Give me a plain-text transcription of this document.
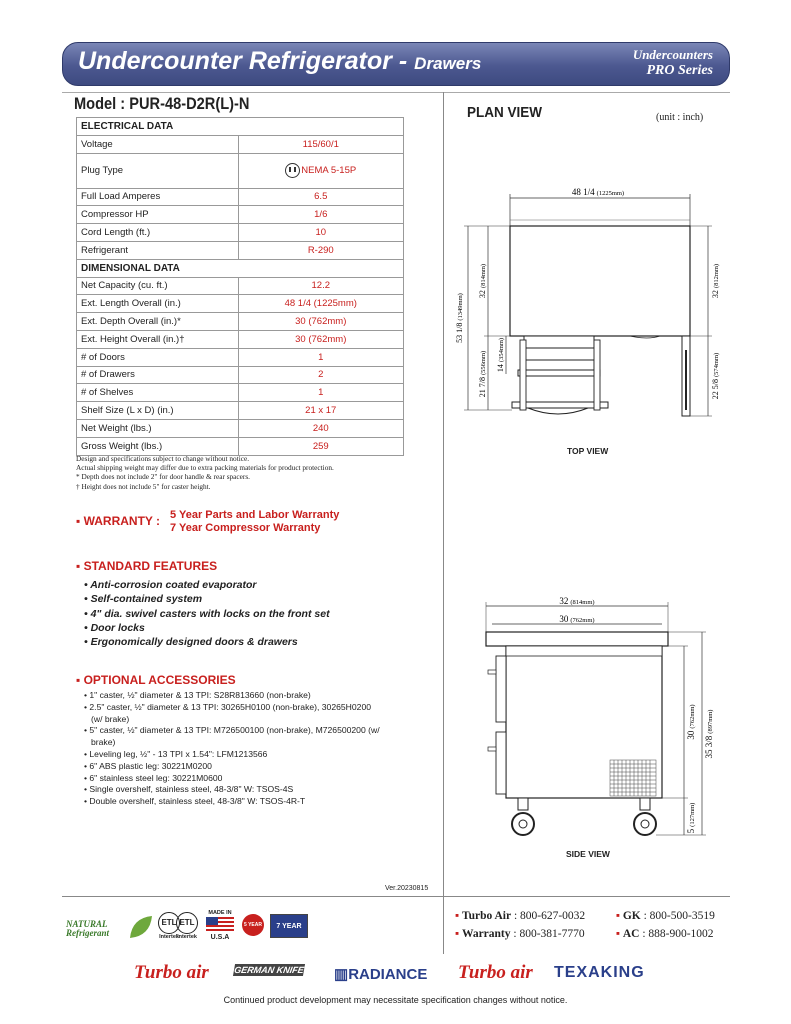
Undercounter Refrigerator - Drawers	Undercounters
PRO Series
Model : PUR-48-D2R(L)-N
ELECTRICAL DATA	
Voltage	115/60/1
Plug Type	NEMA 5-15P
Full Load Amperes	6.5
Compressor HP	1/6
Cord Length (ft.)	10
Refrigerant	R-290
DIMENSIONAL DATA	
Net Capacity (cu. ft.)	12.2
Ext. Length Overall (in.)	48 1/4 (1225mm)
Ext. Depth Overall (in.)*	30 (762mm)
Ext. Height Overall (in.)†	30 (762mm)
# of Doors	1
# of Drawers	2
# of Shelves	1
Shelf Size (L x D) (in.)	21 x 17
Net Weight (lbs.)	240
Gross Weight (lbs.)	259
Design and specifications subject to change without notice.
Actual shipping weight may differ due to extra packing materials for product protection.
* Depth does not include 2" for door handle & rear spacers.
† Height does not include 5" for caster height.
▪ WARRANTY : 5 Year Parts and Labor Warranty
7 Year Compressor Warranty
▪ STANDARD FEATURES
• Anti-corrosion coated evaporator
• Self-contained system
• 4" dia. swivel casters with locks on the front set
• Door locks
• Ergonomically designed doors & drawers
▪ OPTIONAL ACCESSORIES
• 1" caster, ½" diameter & 13 TPI: S28R813660 (non-brake)
• 2.5" caster, ½" diameter & 13 TPI: 30265H0100 (non-brake), 30265H0200 (w/ brake)
• 5" caster, ½" diameter & 13 TPI: M726500100 (non-brake), M726500200 (w/ brake)
• Leveling leg, ½" - 13 TPI x 1.54": LFM1213566
• 6" ABS plastic leg: 30221M0200
• 6" stainless steel leg: 30221M0600
• Single overshelf, stainless steel, 48-3/8" W: TSOS-4S
• Double overshelf, stainless steel, 48-3/8" W: TSOS-4R-T
Ver.20230815
PLAN VIEW	(unit : inch)
48 1/4 (1225mm)
53 1/8 (1349mm) 32 (814mm)
21 7/8 (556mm) 14 (354mm)
32 (812mm)
22 5/8 (574mm)
TOP VIEW
32 (814mm)
30 (762mm)
30 (762mm)
35 3/8 (897mm)
5 (127mm)
SIDE VIEW
NATURAL
Refrigerant
ETL
Intertek
ETL
Intertek
MADE IN
U.S.A
5 YEAR	7 YEAR
▪ Turbo Air : 800-627-0032	▪ GK : 800-500-3519
▪ Warranty : 800-381-7770	▪ AC : 888-900-1002
Turbo air	GERMAN KNIFE ▥RADIANCE Turbo air TEXAKING
Continued product development may necessitate specification changes without notice.
